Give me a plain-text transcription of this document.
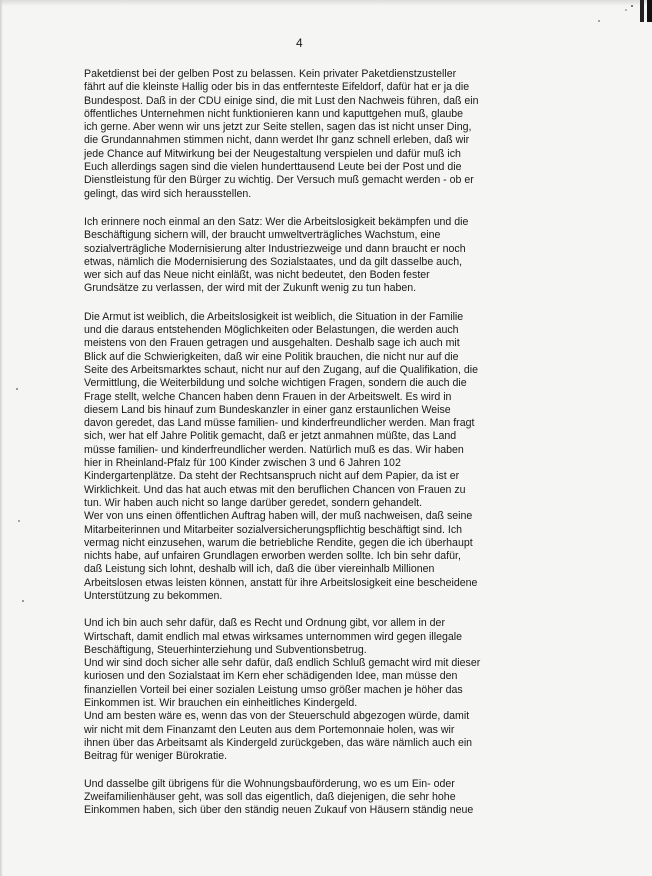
4

Paketdienst bei der gelben Post zu belassen. Kein privater Paketdienstzusteller
fährt auf die kleinste Hallig oder bis in das entfernteste Eifeldorf, dafür hat er ja die
Bundespost. Daß in der CDU einige sind, die mit Lust den Nachweis führen, daß ein
öffentliches Unternehmen nicht funktionieren kann und kaputtgehen muß, glaube
ich gerne. Aber wenn wir uns jetzt zur Seite stellen, sagen das ist nicht unser Ding,
die Grundannahmen stimmen nicht, dann werdet Ihr ganz schnell erleben, daß wir
jede Chance auf Mitwirkung bei der Neugestaltung verspielen und dafür muß ich
Euch allerdings sagen sind die vielen hunderttausend Leute bei der Post und die
Dienstleistung für den Bürger zu wichtig. Der Versuch muß gemacht werden - ob er
gelingt, das wird sich herausstellen.

Ich erinnere noch einmal an den Satz: Wer die Arbeitslosigkeit bekämpfen und die
Beschäftigung sichern will, der braucht umweltverträgliches Wachstum, eine
sozialverträgliche Modernisierung alter Industriezweige und dann braucht er noch
etwas, nämlich die Modernisierung des Sozialstaates, und da gilt dasselbe auch,
wer sich auf das Neue nicht einläßt, was nicht bedeutet, den Boden fester
Grundsätze zu verlassen, der wird mit der Zukunft wenig zu tun haben.

Die Armut ist weiblich, die Arbeitslosigkeit ist weiblich, die Situation in der Familie
und die daraus entstehenden Möglichkeiten oder Belastungen, die werden auch
meistens von den Frauen getragen und ausgehalten. Deshalb sage ich auch mit
Blick auf die Schwierigkeiten, daß wir eine Politik brauchen, die nicht nur auf die
Seite des Arbeitsmarktes schaut, nicht nur auf den Zugang, auf die Qualifikation, die
Vermittlung, die Weiterbildung und solche wichtigen Fragen, sondern die auch die
Frage stellt, welche Chancen haben denn Frauen in der Arbeitswelt. Es wird in
diesem Land bis hinauf zum Bundeskanzler in einer ganz erstaunlichen Weise
davon geredet, das Land müsse familien- und kinderfreundlicher werden. Man fragt
sich, wer hat elf Jahre Politik gemacht, daß er jetzt anmahnen müßte, das Land
müsse familien- und kinderfreundlicher werden. Natürlich muß es das. Wir haben
hier in Rheinland-Pfalz für 100 Kinder zwischen 3 und 6 Jahren 102
Kindergartenplätze. Da steht der Rechtsanspruch nicht auf dem Papier, da ist er
Wirklichkeit. Und das hat auch etwas mit den beruflichen Chancen von Frauen zu
tun. Wir haben auch nicht so lange darüber geredet, sondern gehandelt.
Wer von uns einen öffentlichen Auftrag haben will, der muß nachweisen, daß seine
Mitarbeiterinnen und Mitarbeiter sozialversicherungspflichtig beschäftigt sind. Ich
vermag nicht einzusehen, warum die betriebliche Rendite, gegen die ich überhaupt
nichts habe, auf unfairen Grundlagen erworben werden sollte. Ich bin sehr dafür,
daß Leistung sich lohnt, deshalb will ich, daß die über viereinhalb Millionen
Arbeitslosen etwas leisten können, anstatt für ihre Arbeitslosigkeit eine bescheidene
Unterstützung zu bekommen.

Und ich bin auch sehr dafür, daß es Recht und Ordnung gibt, vor allem in der
Wirtschaft, damit endlich mal etwas wirksames unternommen wird gegen illegale
Beschäftigung, Steuerhinterziehung und Subventionsbetrug.
Und wir sind doch sicher alle sehr dafür, daß endlich Schluß gemacht wird mit dieser
kuriosen und den Sozialstaat im Kern eher schädigenden Idee, man müsse den
finanziellen Vorteil bei einer sozialen Leistung umso größer machen je höher das
Einkommen ist. Wir brauchen ein einheitliches Kindergeld.
Und am besten wäre es, wenn das von der Steuerschuld abgezogen würde, damit
wir nicht mit dem Finanzamt den Leuten aus dem Portemonnaie holen, was wir
ihnen über das Arbeitsamt als Kindergeld zurückgeben, das wäre nämlich auch ein
Beitrag für weniger Bürokratie.

Und dasselbe gilt übrigens für die Wohnungsbauförderung, wo es um Ein- oder
Zweifamilienhäuser geht, was soll das eigentlich, daß diejenigen, die sehr hohe
Einkommen haben, sich über den ständig neuen Zukauf von Häusern ständig neue
